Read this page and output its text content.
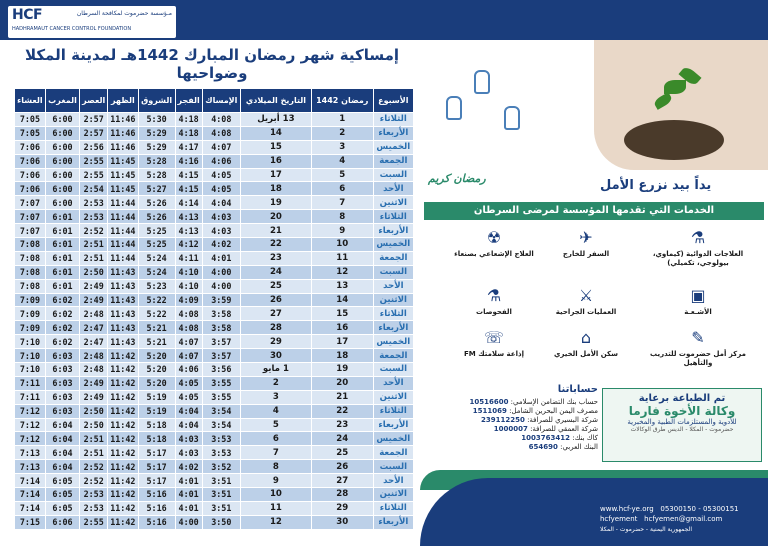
HCF	مـؤسسة حضرموت لمكافحة السرطان
HADHRAMAUT CANCER CONTROL FOUNDATION
إمساكية شهر رمضان المبارك 1442هـ لمدينة المكلا وضواحيها
الأسبوع	رمضان 1442	التاريخ الميلادي	الإمساك	الفجر	الشروق	الظهر	العصر	المغرب	العشاء
الثلاثاء	1	13 أبريل	4:08	4:18	5:30	11:46	2:57	6:00	7:05
الأربعاء	2	14	4:08	4:18	5:29	11:46	2:57	6:00	7:05
الخميس	3	15	4:07	4:17	5:29	11:46	2:56	6:00	7:06
الجمعة	4	16	4:06	4:16	5:28	11:45	2:55	6:00	7:06
السبت	5	17	4:05	4:15	5:28	11:45	2:55	6:00	7:06
الأحد	6	18	4:05	4:15	5:27	11:45	2:54	6:00	7:06
الاثنين	7	19	4:04	4:14	5:26	11:44	2:53	6:00	7:07
الثلاثاء	8	20	4:03	4:13	5:26	11:44	2:53	6:01	7:07
الأربعاء	9	21	4:03	4:13	5:25	11:44	2:52	6:01	7:07
الخميس	10	22	4:02	4:12	5:25	11:44	2:51	6:01	7:08
الجمعة	11	23	4:01	4:11	5:24	11:44	2:51	6:01	7:08
السبت	12	24	4:00	4:10	5:24	11:43	2:50	6:01	7:08
الأحد	13	25	4:00	4:10	5:23	11:43	2:49	6:01	7:08
الاثنين	14	26	3:59	4:09	5:22	11:43	2:49	6:02	7:09
الثلاثاء	15	27	3:58	4:08	5:22	11:43	2:48	6:02	7:09
الأربعاء	16	28	3:58	4:08	5:21	11:43	2:47	6:02	7:09
الخميس	17	29	3:57	4:07	5:21	11:43	2:47	6:02	7:10
الجمعة	18	30	3:57	4:07	5:20	11:42	2:48	6:03	7:10
السبت	19	1 مايو	3:56	4:06	5:20	11:42	2:48	6:03	7:10
الأحد	20	2	3:55	4:05	5:20	11:42	2:49	6:03	7:11
الاثنين	21	3	3:55	4:05	5:19	11:42	2:49	6:03	7:11
الثلاثاء	22	4	3:54	4:04	5:19	11:42	2:50	6:03	7:12
الأربعاء	23	5	3:54	4:04	5:18	11:42	2:50	6:04	7:12
الخميس	24	6	3:53	4:03	5:18	11:42	2:51	6:04	7:12
الجمعة	25	7	3:53	4:03	5:17	11:42	2:51	6:04	7:13
السبت	26	8	3:52	4:02	5:17	11:42	2:52	6:04	7:13
الأحد	27	9	3:51	4:01	5:17	11:42	2:52	6:05	7:14
الاثنين	28	10	3:51	4:01	5:16	11:42	2:53	6:05	7:14
الثلاثاء	29	11	3:51	4:01	5:16	11:42	2:53	6:05	7:14
الأربعاء	30	12	3:50	4:00	5:16	11:42	2:55	6:06	7:15
يداً بيد نزرع الأمل
رمضان كريم
الخدمات التي تقدمها المؤسسة لمرضى السرطان
⚗
العلاجات الدوائية (كيماوي، بيولوجي، تكميلي)
✈
السفر للخارج
☢
العلاج الإشعاعي بصنعاء
▣
الأشـعـة
⚔
العمليات الجراحية
⚗
الفحوصات
✎
مركز أمل حضرموت للتدريب والتأهيل
⌂
سكن الأمل الخيري
☏
إذاعة سلامتك FM
حساباتنا
حساب بنك التضامن الإسلامي: 10516600
مصرف اليمن البحرين الشامل: 1511069
شركة البسيري للصرافة: 239112250
شركة العمقي للصرافة: 1000007
كاك بنك: 1003763412
البنك العربي: 654690
تم الطباعة برعاية
وكالة الأخوة فارما
للأدوية والمستلزمات الطبية والمخبرية
حضرموت - المكلا - الديس طرق الوكالات
www.hcf-ye.org 05300150 - 05300151
hcfyement hcfyemen@gmail.com
الجمهورية اليمنية - حضرموت - المكلا
